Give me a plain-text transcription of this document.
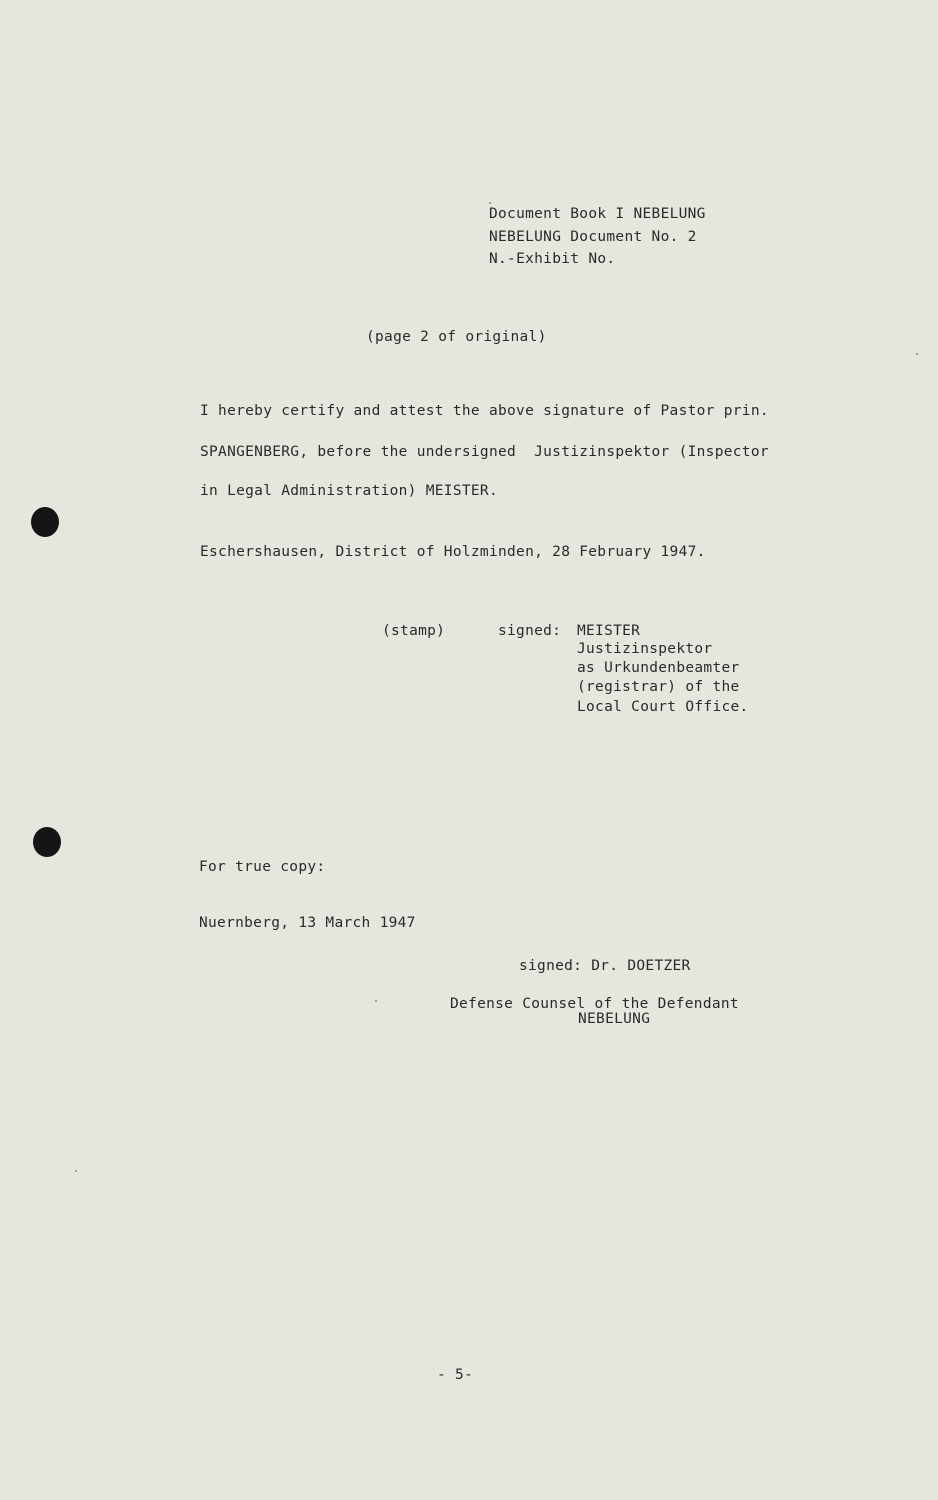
Document Book I NEBELUNG
NEBELUNG Document No. 2
N.-Exhibit No.
(page 2 of original)
I hereby certify and attest the above signature of Pastor prin.
SPANGENBERG, before the undersigned  Justizinspektor (Inspector
in Legal Administration) MEISTER.
Eschershausen, District of Holzminden, 28 February 1947.
(stamp)	signed: MEISTER
Justizinspektor
as Urkundenbeamter
(registrar) of the
Local Court Office.
For true copy:
Nuernberg, 13 March 1947
signed: Dr. DOETZER
Defense Counsel of the Defendant
NEBELUNG
- 5-
